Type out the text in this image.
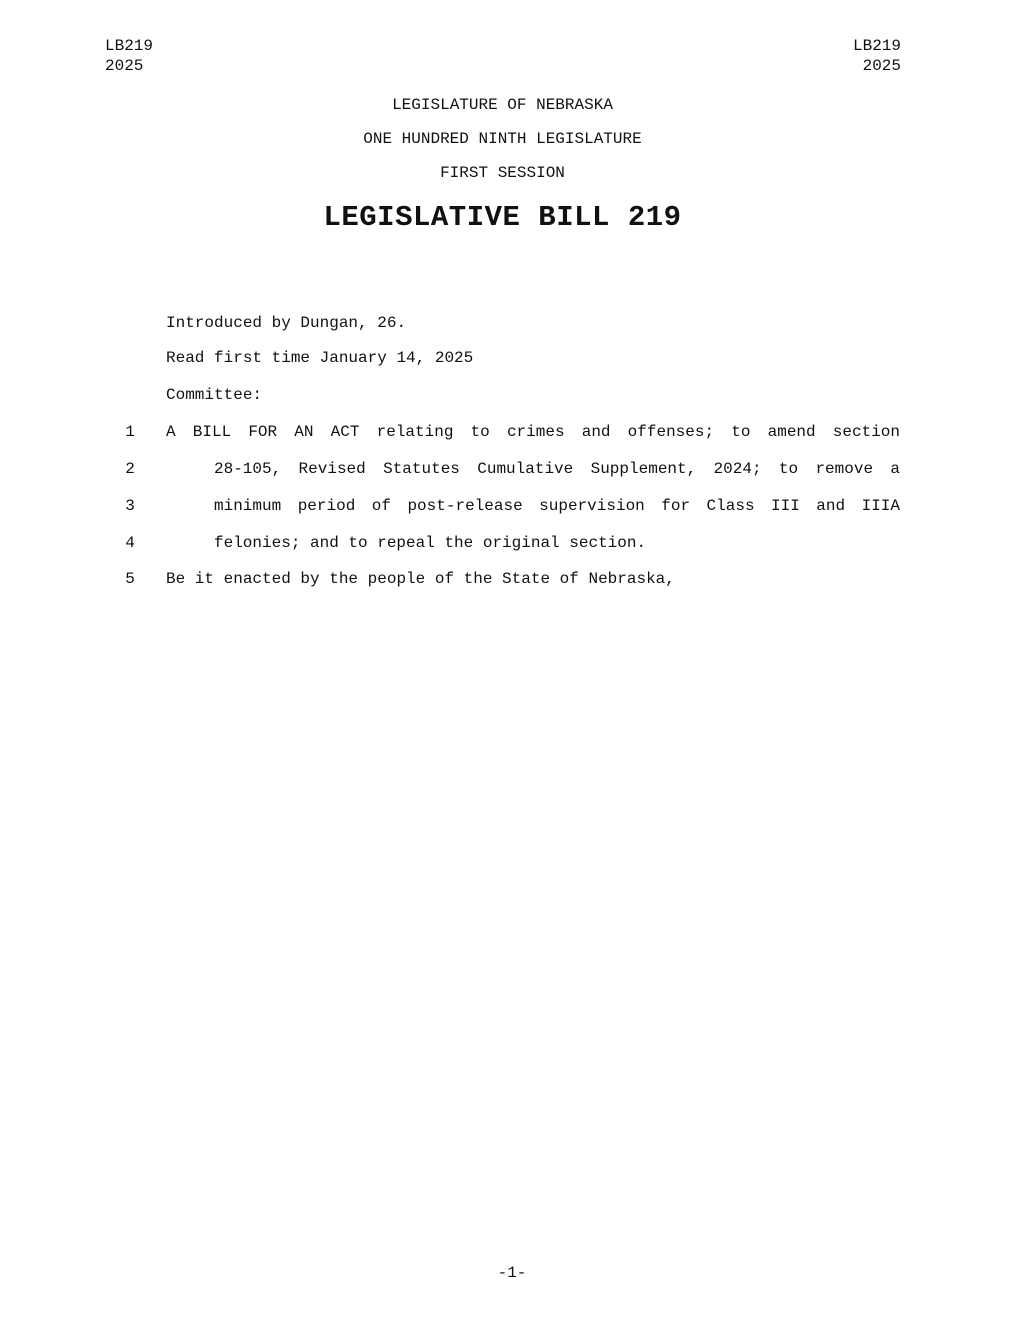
LB219
2025
LB219
2025
LEGISLATURE OF NEBRASKA
ONE HUNDRED NINTH LEGISLATURE
FIRST SESSION
LEGISLATIVE BILL 219
Introduced by Dungan, 26.
Read first time January 14, 2025
Committee:
1	A BILL FOR AN ACT relating to crimes and offenses; to amend section
2	28-105, Revised Statutes Cumulative Supplement, 2024; to remove a
3	minimum period of post-release supervision for Class III and IIIA
4	felonies; and to repeal the original section.
5	Be it enacted by the people of the State of Nebraska,
-1-
